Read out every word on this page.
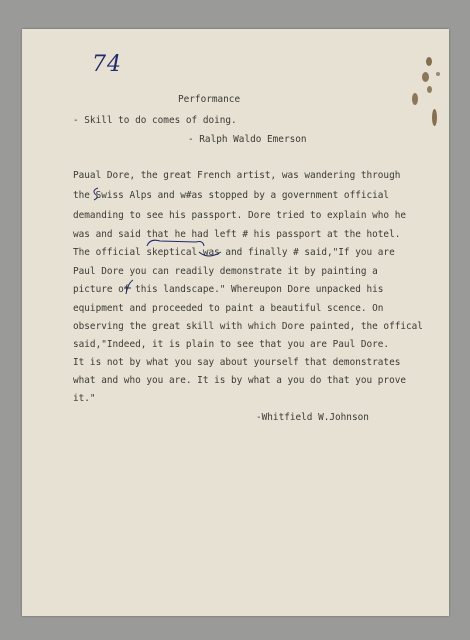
74
Performance
- Skill to do comes of doing.
- Ralph Waldo Emerson
Paual Dore, the great French artist, was wandering through
the Swiss Alps and w#as stopped by a government official
demanding to see his passport. Dore tried to explain who he
was and said that he had left # his passport at the hotel.
The official skeptical was and finally # said,"If you are
Paul Dore you can readily demonstrate it by painting a
picture of this landscape." Whereupon Dore unpacked his
equipment and proceeded to paint a beautiful scence. On
observing the great skill with which Dore painted, the offical
said,"Indeed, it is plain to see that you are Paul Dore.
It is not by what you say about yourself that demonstrates
what and who you are. It is by what a you do that you prove
it."
-Whitfield W.Johnson
